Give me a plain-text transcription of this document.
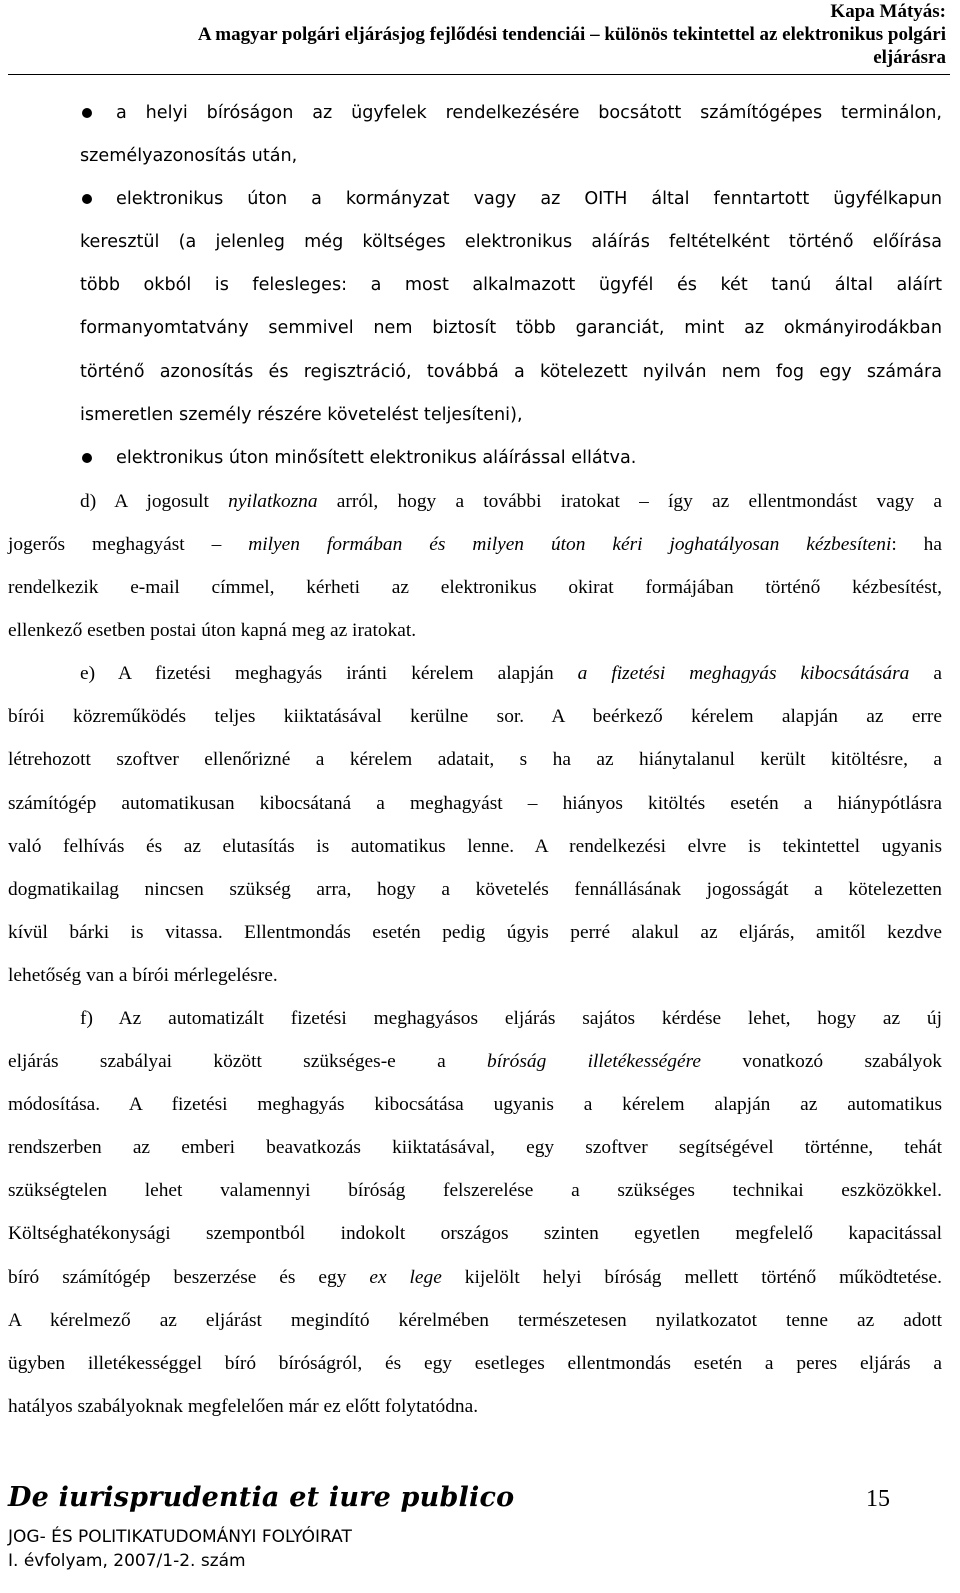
Kapa Mátyás:
A magyar polgári eljárásjog fejlődési tendenciái – különös tekintettel az elektronikus polgári
eljárásra
a helyi bíróságon az ügyfelek rendelkezésére bocsátott számítógépes terminálon,
személyazonosítás után,
elektronikus úton a kormányzat vagy az OITH által fenntartott ügyfélkapun
keresztül (a jelenleg még költséges elektronikus aláírás feltételként történő előírása
több okból is felesleges: a most alkalmazott ügyfél és két tanú által aláírt
formanyomtatvány semmivel nem biztosít több garanciát, mint az okmányirodákban
történő azonosítás és regisztráció, továbbá a kötelezett nyilván nem fog egy számára
ismeretlen személy részére követelést teljesíteni),
elektronikus úton minősített elektronikus aláírással ellátva.
d) A jogosult nyilatkozna arról, hogy a további iratokat – így az ellentmondást vagy a
jogerős meghagyást – milyen formában és milyen úton kéri joghatályosan kézbesíteni: ha
rendelkezik e-mail címmel, kérheti az elektronikus okirat formájában történő kézbesítést,
ellenkező esetben postai úton kapná meg az iratokat.
e) A fizetési meghagyás iránti kérelem alapján a fizetési meghagyás kibocsátására a
bírói közreműködés teljes kiiktatásával kerülne sor. A beérkező kérelem alapján az erre
létrehozott szoftver ellenőrizné a kérelem adatait, s ha az hiánytalanul került kitöltésre, a
számítógép automatikusan kibocsátaná a meghagyást – hiányos kitöltés esetén a hiánypótlásra
való felhívás és az elutasítás is automatikus lenne. A rendelkezési elvre is tekintettel ugyanis
dogmatikailag nincsen szükség arra, hogy a követelés fennállásának jogosságát a kötelezetten
kívül bárki is vitassa. Ellentmondás esetén pedig úgyis perré alakul az eljárás, amitől kezdve
lehetőség van a bírói mérlegelésre.
f) Az automatizált fizetési meghagyásos eljárás sajátos kérdése lehet, hogy az új
eljárás szabályai között szükséges-e a bíróság illetékességére vonatkozó szabályok
módosítása. A fizetési meghagyás kibocsátása ugyanis a kérelem alapján az automatikus
rendszerben az emberi beavatkozás kiiktatásával, egy szoftver segítségével történne, tehát
szükségtelen lehet valamennyi bíróság felszerelése a szükséges technikai eszközökkel.
Költséghatékonysági szempontból indokolt országos szinten egyetlen megfelelő kapacitással
bíró számítógép beszerzése és egy ex lege kijelölt helyi bíróság mellett történő működtetése.
A kérelmező az eljárást megindító kérelmében természetesen nyilatkozatot tenne az adott
ügyben illetékességgel bíró bíróságról, és egy esetleges ellentmondás esetén a peres eljárás a
hatályos szabályoknak megfelelően már ez előtt folytatódna.
De iurisprudentia et iure publico	15
JOG- ÉS POLITIKATUDOMÁNYI FOLYÓIRAT
I. évfolyam, 2007/1-2. szám
